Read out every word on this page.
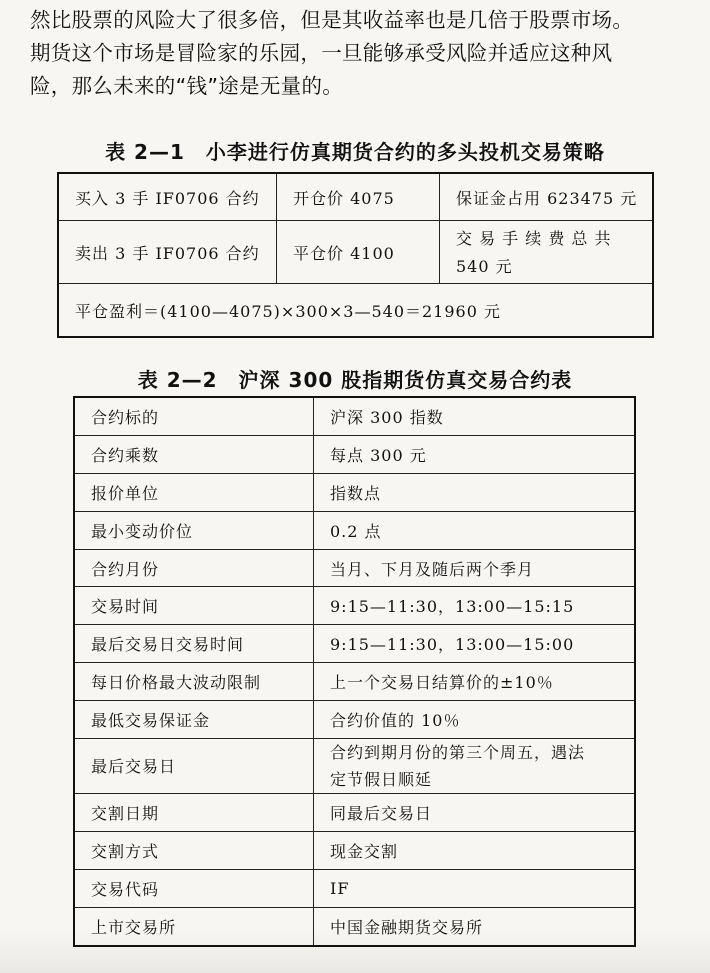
然比股票的风险大了很多倍，但是其收益率也是几倍于股票市场。

期货这个市场是冒险家的乐园，一旦能够承受风险并适应这种风

险，那么未来的“钱”途是无量的。

表 2—1　小李进行仿真期货合约的多头投机交易策略
买入 3 手 IF0706 合约	开仓价 4075	保证金占用 623475 元
卖出 3 手 IF0706 合约	平仓价 4100	交 易 手 续 费 总 共
540 元

平仓盈利＝(4100—4075)×300×3—540＝21960 元		
表 2—2　沪深 300 股指期货仿真交易合约表
合约标的	沪深 300 指数
合约乘数	每点 300 元
报价单位	指数点
最小变动价位	0.2 点
合约月份	当月、下月及随后两个季月
交易时间	9:15—11:30，13:00—15:15
最后交易日交易时间	9:15—11:30，13:00—15:00
每日价格最大波动限制	上一个交易日结算价的±10％
最低交易保证金	合约价值的 10％
最后交易日	合约到期月份的第三个周五，遇法
定节假日顺延

交割日期	同最后交易日
交割方式	现金交割
交易代码	IF
上市交易所	中国金融期货交易所
